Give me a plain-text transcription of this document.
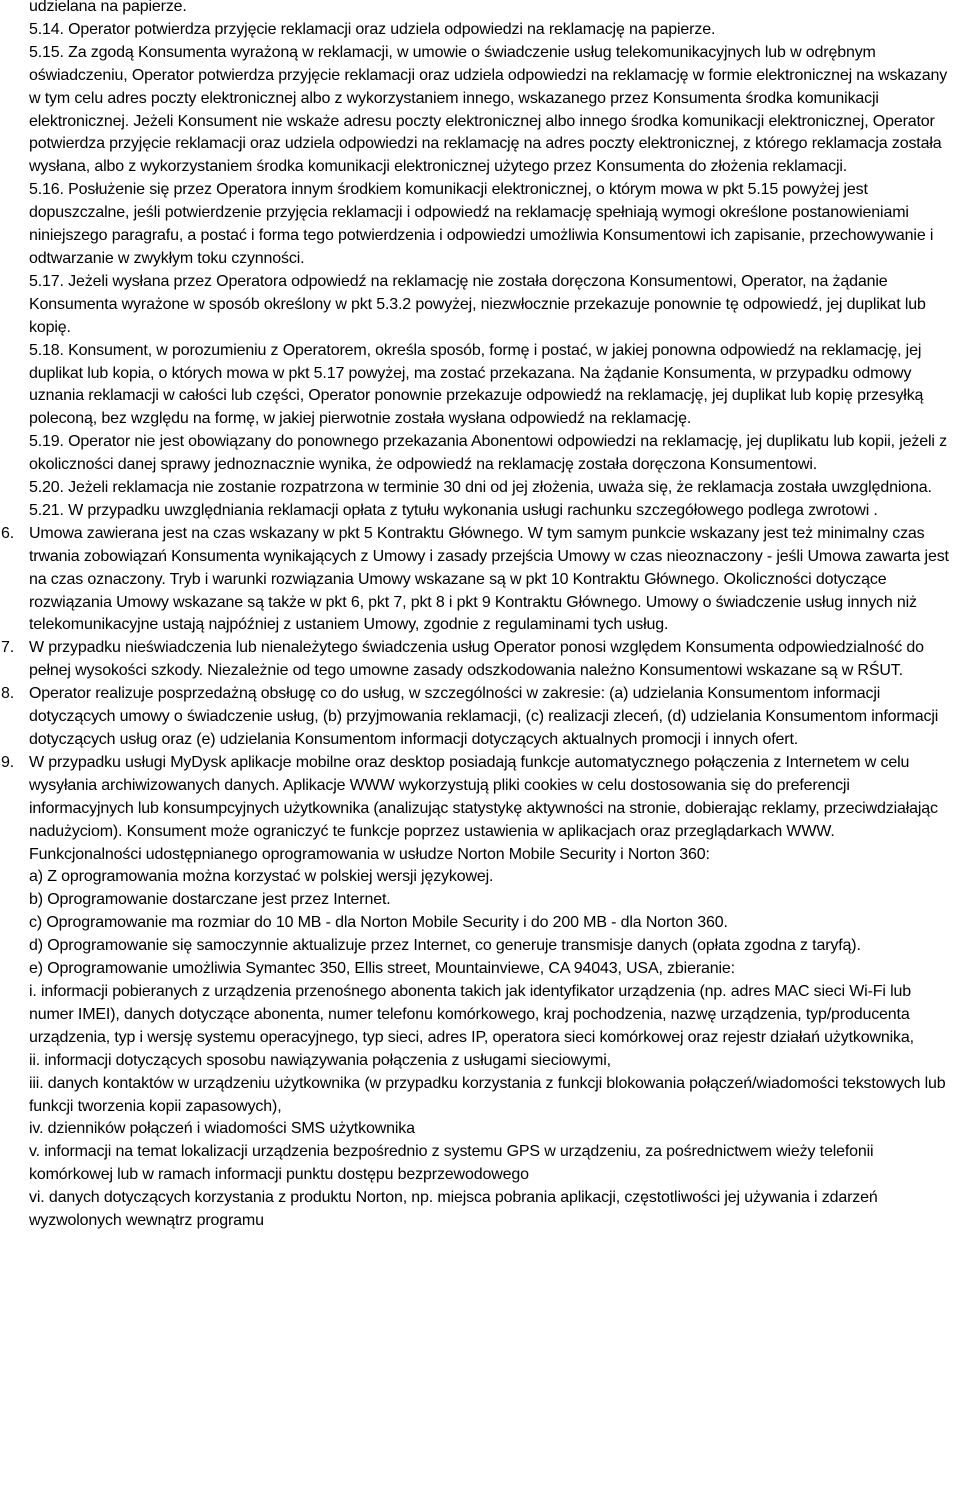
udzielana na papierze.

5.14. Operator potwierdza przyjęcie reklamacji oraz udziela odpowiedzi na reklamację na papierze.

5.15. Za zgodą Konsumenta wyrażoną w reklamacji, w umowie o świadczenie usług telekomunikacyjnych lub w odrębnym oświadczeniu, Operator potwierdza przyjęcie reklamacji oraz udziela odpowiedzi na reklamację w formie elektronicznej na wskazany w tym celu adres poczty elektronicznej albo z wykorzystaniem innego, wskazanego przez Konsumenta środka komunikacji elektronicznej. Jeżeli Konsument nie wskaże adresu poczty elektronicznej albo innego środka komunikacji elektronicznej, Operator potwierdza przyjęcie reklamacji oraz udziela odpowiedzi na reklamację na adres poczty elektronicznej, z którego reklamacja została wysłana, albo z wykorzystaniem środka komunikacji elektronicznej użytego przez Konsumenta do złożenia reklamacji.

5.16. Posłużenie się przez Operatora innym środkiem komunikacji elektronicznej, o którym mowa w pkt 5.15 powyżej jest dopuszczalne, jeśli potwierdzenie przyjęcia reklamacji i odpowiedź na reklamację spełniają wymogi określone postanowieniami niniejszego paragrafu, a postać i forma tego potwierdzenia i odpowiedzi umożliwia Konsumentowi ich zapisanie, przechowywanie i odtwarzanie w zwykłym toku czynności.

5.17. Jeżeli wysłana przez Operatora odpowiedź na reklamację nie została doręczona Konsumentowi, Operator, na żądanie Konsumenta wyrażone w sposób określony w pkt 5.3.2 powyżej, niezwłocznie przekazuje ponownie tę odpowiedź, jej duplikat lub kopię.

5.18. Konsument, w porozumieniu z Operatorem, określa sposób, formę i postać, w jakiej ponowna odpowiedź na reklamację, jej duplikat lub kopia, o których mowa w pkt 5.17 powyżej, ma zostać przekazana. Na żądanie Konsumenta, w przypadku odmowy uznania reklamacji w całości lub części, Operator ponownie przekazuje odpowiedź na reklamację, jej duplikat lub kopię przesyłką poleconą, bez względu na formę, w jakiej pierwotnie została wysłana odpowiedź na reklamację.

5.19. Operator nie jest obowiązany do ponownego przekazania Abonentowi odpowiedzi na reklamację, jej duplikatu lub kopii, jeżeli z okoliczności danej sprawy jednoznacznie wynika, że odpowiedź na reklamację została doręczona Konsumentowi.

5.20. Jeżeli reklamacja nie zostanie rozpatrzona w terminie 30 dni od jej złożenia, uważa się, że reklamacja została uwzględniona.

5.21. W przypadku uwzględniania reklamacji opłata z tytułu wykonania usługi rachunku szczegółowego podlega zwrotowi .

6. Umowa zawierana jest na czas wskazany w pkt 5 Kontraktu Głównego. W tym samym punkcie wskazany jest też minimalny czas trwania zobowiązań Konsumenta wynikających z Umowy i zasady przejścia Umowy w czas nieoznaczony - jeśli Umowa zawarta jest na czas oznaczony. Tryb i warunki rozwiązania Umowy wskazane są w pkt 10 Kontraktu Głównego. Okoliczności dotyczące rozwiązania Umowy wskazane są także w pkt 6, pkt 7, pkt 8 i pkt 9 Kontraktu Głównego. Umowy o świadczenie usług innych niż telekomunikacyjne ustają najpóźniej z ustaniem Umowy, zgodnie z regulaminami tych usług.

7. W przypadku nieświadczenia lub nienależytego świadczenia usług Operator ponosi względem Konsumenta odpowiedzialność do pełnej wysokości szkody. Niezależnie od tego umowne zasady odszkodowania należno Konsumentowi wskazane są w RŚUT.

8. Operator realizuje posprzedażną obsługę co do usług, w szczególności w zakresie: (a) udzielania Konsumentom informacji dotyczących umowy o świadczenie usług, (b) przyjmowania reklamacji, (c) realizacji zleceń, (d) udzielania Konsumentom informacji dotyczących usług oraz (e) udzielania Konsumentom informacji dotyczących aktualnych promocji i innych ofert.

9. W przypadku usługi MyDysk aplikacje mobilne oraz desktop posiadają funkcje automatycznego połączenia z Internetem w celu wysyłania archiwizowanych danych. Aplikacje WWW wykorzystują pliki cookies w celu dostosowania się do preferencji informacyjnych lub konsumpcyjnych użytkownika (analizując statystykę aktywności na stronie, dobierając reklamy, przeciwdziałając nadużyciom). Konsument może ograniczyć te funkcje poprzez ustawienia w aplikacjach oraz przeglądarkach WWW.

Funkcjonalności udostępnianego oprogramowania w usłudze Norton Mobile Security i Norton 360:

a) Z oprogramowania można korzystać w polskiej wersji językowej.

b) Oprogramowanie dostarczane jest przez Internet.

c) Oprogramowanie ma rozmiar do 10 MB - dla Norton Mobile Security i do 200 MB - dla Norton 360.

d) Oprogramowanie się samoczynnie aktualizuje przez Internet, co generuje transmisje danych (opłata zgodna z taryfą).

e) Oprogramowanie umożliwia Symantec 350, Ellis street, Mountainviewe, CA 94043, USA, zbieranie:

i. informacji pobieranych z urządzenia przenośnego abonenta takich jak identyfikator urządzenia (np. adres MAC sieci Wi-Fi lub numer IMEI), danych dotyczące abonenta, numer telefonu komórkowego, kraj pochodzenia, nazwę urządzenia, typ/producenta urządzenia, typ i wersję systemu operacyjnego, typ sieci, adres IP, operatora sieci komórkowej oraz rejestr działań użytkownika,

ii. informacji dotyczących sposobu nawiązywania połączenia z usługami sieciowymi,

iii. danych kontaktów w urządzeniu użytkownika (w przypadku korzystania z funkcji blokowania połączeń/wiadomości tekstowych lub funkcji tworzenia kopii zapasowych),

iv. dzienników połączeń i wiadomości SMS użytkownika

v. informacji na temat lokalizacji urządzenia bezpośrednio z systemu GPS w urządzeniu, za pośrednictwem wieży telefonii komórkowej lub w ramach informacji punktu dostępu bezprzewodowego

vi. danych dotyczących korzystania z produktu Norton, np. miejsca pobrania aplikacji, częstotliwości jej używania i zdarzeń wyzwolonych wewnątrz programu
